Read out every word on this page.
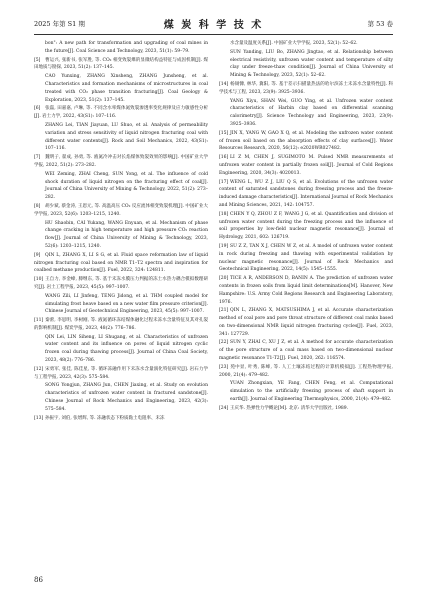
2025 年第 S1 期	煤 炭 科 学 技 术	第 53 卷

bon": A new path for transformation and upgrading of coal mines in the future[J]. Coal Science and Technology, 2023, 51(1): 59–79.

[5] 曹运兴, 张新书, 张军胜, 等. CO₂ 相变致裂爆的显微结构益特征与成因机制[J]. 煤田地质与勘探, 2023, 51(2): 137–145.

CAO Yunxing, ZHANG Xinsheng, ZHANG Junsheng, et al. Characteristics and formation mechanisms of microstructures in coal treated with CO₂ phase transition fracturing[J]. Coal Geology & Exploration, 2023, 51(2): 137–145.

[6] 张磊, 田嘉嘉, 卢琳, 等. 不同含水率煤体氮致裂渗透率变化规律及应力敏感性分析[J]. 岩土力学, 2022, 43(S1): 107–116.

ZHANG Lei, TIAN Jiayuan, LU Shuo, et al. Analysis of permeability variation and stress sensitivity of liquid nitrogen fracturing coal with different water contents[J]. Rock and Soil Mechanics, 2022, 43(S1): 107–116.

[7] 魏明子, 翟成, 孙勇, 等. 液氮冷冲击对长焰煤体致裂效果的影响[J]. 中国矿业大学学报, 2022, 51(2): 273–282.

WEI Zeming, ZHAI Cheng, SUN Yong, et al. The influence of cold shock duration of liquid nitrogen on the fracturing effect of coal[J]. Journal of China University of Mining & Technology, 2022, 51(2): 273–282.

[8] 胡少斌, 蔡金涛, 王恩元, 等. 高温高压 CO₂ 反应流体相变致裂机理[J]. 中国矿业大学学报, 2023, 52(6): 1203–1215, 1240.

HU Shaobin, CAI Yukang, WANG Enyuan, et al. Mechanism of phase change cracking in high temperature and high pressure CO₂ reaction flow[J]. Journal of China University of Mining & Technology, 2023, 52(6): 1203–1215, 1240.

[9] QIN L, ZHANG X, LI S G, et al. Fluid space reformation law of liquid nitrogen fracturing coal based on NMR T1–T2 spectra and inspiration for coalbed methane production[J]. Fuel, 2022, 324: 124811.

[10] 王自力, 李金峰, 滕继东, 等. 基于未冻水膜压力判据的冻土水热力耦合模拟数理研究[J]. 岩土工程学报, 2023, 45(5): 997–1007.

WANG Zili, LI Jinfeng, TENG Jidong, et al. THM coupled model for simulating frost heave based on a new water film pressure criterion[J]. Chinese Journal of Geotechnical Engineering, 2023, 45(5): 997–1007.

[11] 秦蕾, 李思明, 李树刚, 等. 液氮循环冻结煤体融化过程未冻水含量特征及其对孔裂的影响机制[J]. 煤炭学报, 2023, 48(2): 776–786.

QIN Lei, LIN Siheng, LI Shugang, et al. Characteristics of unfrozen water content and its influence on pores of liquid nitrogen cyclic frozen coal during thawing process[J]. Journal of China Coal Society, 2023, 48(2): 776–786.

[12] 宋勇军, 张佳, 陈佳星, 等. 循环冻融作用下未冻水含量演化特征研究[J]. 岩石力学与工程学报, 2023, 42(3): 575–584.

SONG Yongjun, ZHANG Jun, CHEN Jiaxing, et al. Study on evolution characteristics of unfrozen water content in fractured sandstone[J]. Chinese Journal of Rock Mechanics and Engineering, 2023, 42(3): 575–584.

[13] 孙振宇, 刘伯, 张增辉, 等. 冻融状态下粉质黏土电阻率、未冻

水含量及温度关系[J]. 中国矿业大学学报, 2023, 52(1): 52–62.

SUN Yanding, LIU Bo, ZHANG Jingtao, et al. Relationship between electrical resistivity, unfrozen water content and temperature of silty clay under freeze-thaw condition[J]. Journal of China University of Mining & Technology, 2023, 52(1): 52–62.

[14] 杨锡慷, 林华, 冀阳, 等. 基于差示扫描量热法的哈尔滨冻土未冻水含量特性[J]. 科学技术与工程, 2023, 23(9): 3925–3936.

YANG Xiyu, SHAN Wei, GUO Ying, et al. Unfrozen water content characteristics of Harbin clay based on differential scanning calorimetry[J]. Science Technology and Engineering, 2023, 23(9): 3925–3936.

[15] JIN X, YANG W, GAO X Q, et al. Modeling the unfrozen water content of frozen soil based on the absorption effects of clay surfaces[J]. Water Resources Research, 2020, 56(12): e2020WR027482.

[16] LI Z M, CHEN J, SUGIMOTO M. Pulsed NMR measurements of unfrozen water content in partially frozen soil[J]. Journal of Cold Regions Engineering, 2020, 34(3): 4020013.

[17] WENG L, WU Z J, LIU Q S, et al. Evolutions of the unfrozen water content of saturated sandstones during freezing process and the freeze-induced damage characteristics[J]. International Journal of Rock Mechanics and Mining Sciences, 2021, 142: 104757.

[18] CHEN Y Q, ZHOU Z F, WANG J G, et al. Quantification and division of unfrozen water content during the freezing process and the influence of soil properties by low-field nuclear magnetic resonance[J]. Journal of Hydrology, 2021, 602: 126719.

[19] SU Z Z, TAN X J, CHEN W Z, et al. A model of unfrozen water content in rock during freezing and thawing with experimental validation by nuclear magnetic resonance[J]. Journal of Rock Mechanics and Geotechnical Engineering, 2022, 14(5): 1545–1555.

[20] TICE A R, ANDERSON D, BANIN A. The prediction of unfrozen water contents in frozen soils from liquid limit determinations[M]. Hanover, New Hampshire: U.S. Army Cold Regions Research and Engineering Laboratory, 1976.

[21] QIN L, ZHANG X, MATSUSHIMA J, et al. Accurate characterization method of coal pore and pore throat structure of different coal ranks based on two-dimensional NMR liquid nitrogen fracturing cycles[J]. Fuel, 2023, 341: 127729.

[22] SUN Y, ZHAI C, XU J Z, et al. A method for accurate characterization of the pore structure of a coal mass based on two-dimensional nuclear magnetic resonance T1-T2[J]. Fuel, 2020, 262: 116574.

[23] 苑中显, 叶秀, 陈峰, 等. 人工土壤冻结过程的计算机模拟[J]. 工程热物理学报, 2000, 21(4): 479–482.

YUAN Zhongxian, YE Fang, CHEN Feng, et al. Computational simulation to the artificially freezing process of shaft support in earth[J]. Journal of Engineering Thermophysics, 2000, 21(4): 479–482.

[24] 王庆华. 热弹性力学概论[M]. 北京: 清华大学出版社, 1989.

86
